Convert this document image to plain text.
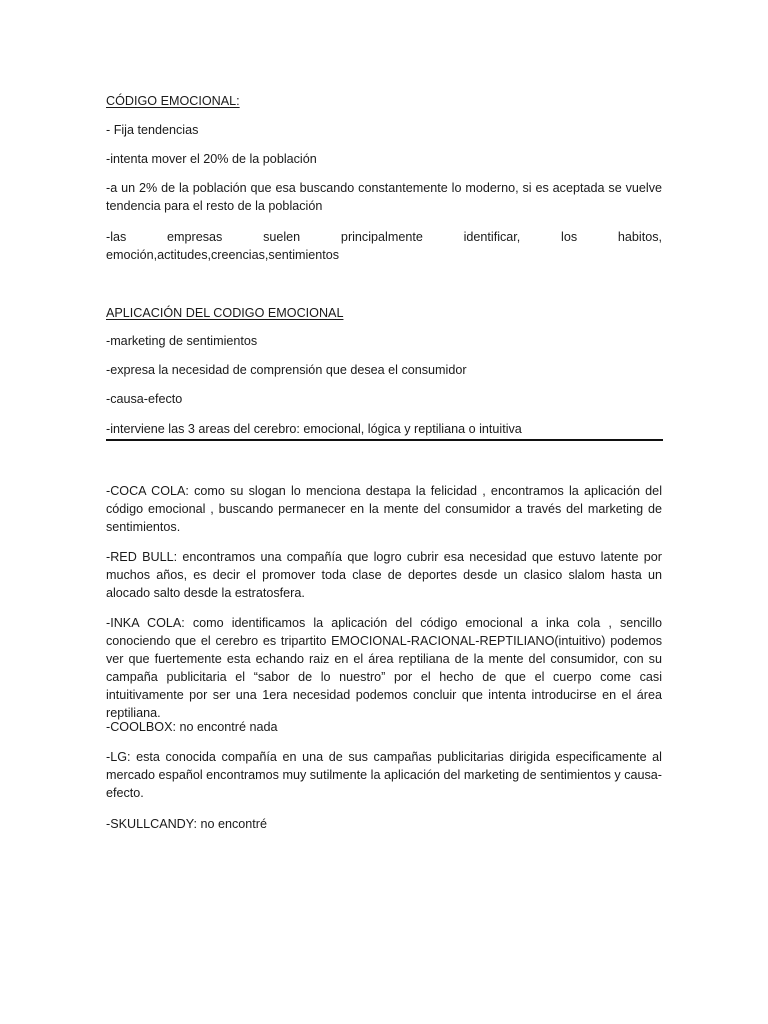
CÓDIGO EMOCIONAL:

- Fija tendencias

-intenta mover el 20% de la población

-a un 2% de la población que esa buscando constantemente lo moderno, si es aceptada se vuelve tendencia para el resto de la población

-las empresas suelen principalmente identificar, los habitos, emoción,actitudes,creencias,sentimientos

APLICACIÓN DEL CODIGO EMOCIONAL

-marketing de sentimientos

-expresa la necesidad de comprensión que desea el consumidor

-causa-efecto

-interviene las 3 areas del cerebro: emocional, lógica y reptiliana o intuitiva

-COCA COLA: como su slogan lo menciona destapa la felicidad , encontramos la aplicación del código emocional , buscando permanecer en la mente del consumidor a través del marketing de sentimientos.

-RED BULL: encontramos una compañía que logro cubrir esa necesidad que estuvo latente por muchos años, es decir el promover toda clase de deportes desde un clasico slalom hasta un alocado salto desde la estratosfera.

-INKA COLA: como identificamos la aplicación del código emocional a inka cola , sencillo conociendo que el cerebro es tripartito EMOCIONAL-RACIONAL-REPTILIANO(intuitivo) podemos ver que fuertemente esta echando raiz en el área reptiliana de la mente del consumidor, con su campaña publicitaria el “sabor de lo nuestro” por el hecho de que el cuerpo come casi intuitivamente por ser una 1era necesidad podemos concluir que intenta introducirse en el área reptiliana.

-COOLBOX: no encontré nada

-LG: esta conocida compañía en una de sus campañas publicitarias dirigida especificamente al mercado español encontramos muy sutilmente la aplicación del marketing de sentimientos y causa-efecto.

-SKULLCANDY: no encontré
